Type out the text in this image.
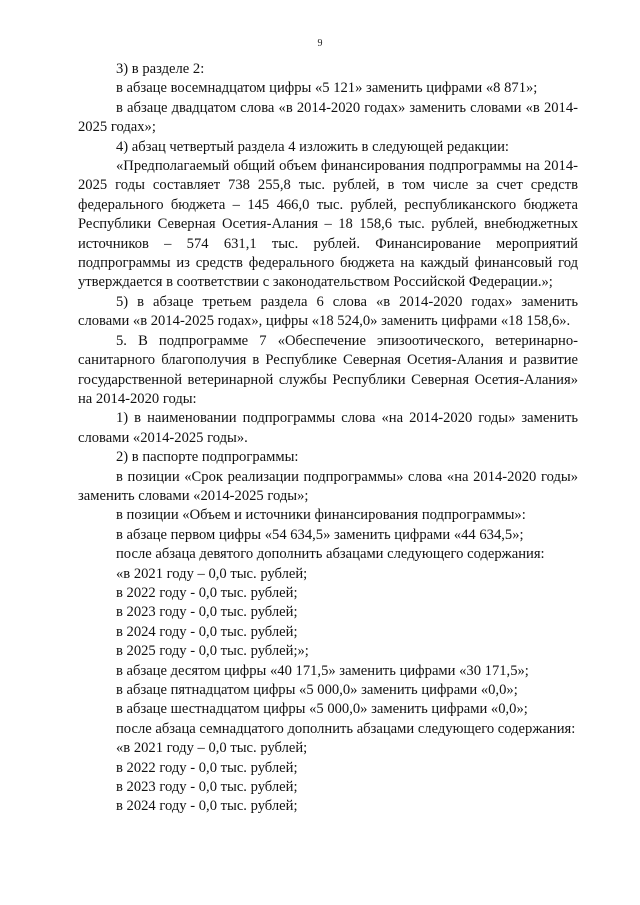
9

3) в разделе 2:

в абзаце восемнадцатом цифры «5 121» заменить цифрами «8 871»;

в абзаце двадцатом слова «в 2014-2020 годах» заменить словами «в 2014-2025 годах»;

4) абзац четвертый раздела 4 изложить в следующей редакции:

«Предполагаемый общий объем финансирования подпрограммы на 2014-2025 годы составляет 738 255,8 тыс. рублей, в том числе за счет средств федерального бюджета – 145 466,0 тыс. рублей, республиканского бюджета Республики Северная Осетия-Алания – 18 158,6 тыс. рублей, внебюджетных источников – 574 631,1 тыс. рублей. Финансирование мероприятий подпрограммы из средств федерального бюджета на каждый финансовый год утверждается в соответствии с законодательством Российской Федерации.»;

5) в абзаце третьем раздела 6 слова «в 2014-2020 годах» заменить словами «в 2014-2025 годах», цифры «18 524,0» заменить цифрами «18 158,6».

5. В подпрограмме 7 «Обеспечение эпизоотического, ветеринарно-санитарного благополучия в Республике Северная Осетия-Алания и развитие государственной ветеринарной службы Республики Северная Осетия-Алания» на 2014-2020 годы:

1) в наименовании подпрограммы слова «на 2014-2020 годы» заменить словами «2014-2025 годы».

2) в паспорте подпрограммы:

в позиции «Срок реализации подпрограммы» слова «на 2014-2020 годы» заменить словами «2014-2025 годы»;

в позиции «Объем и источники финансирования подпрограммы»:

в абзаце первом цифры «54 634,5» заменить цифрами «44 634,5»;

после абзаца девятого дополнить абзацами следующего содержания:

«в 2021 году – 0,0 тыс. рублей;

в 2022 году - 0,0 тыс. рублей;

в 2023 году - 0,0 тыс. рублей;

в 2024 году - 0,0 тыс. рублей;

в 2025 году - 0,0 тыс. рублей;»;

в абзаце десятом цифры «40 171,5» заменить цифрами «30 171,5»;

в абзаце пятнадцатом цифры «5 000,0» заменить цифрами «0,0»;

в абзаце шестнадцатом цифры «5 000,0» заменить цифрами «0,0»;

после абзаца семнадцатого дополнить абзацами следующего содержания:

«в 2021 году – 0,0 тыс. рублей;

в 2022 году - 0,0 тыс. рублей;

в 2023 году - 0,0 тыс. рублей;

в 2024 году - 0,0 тыс. рублей;
